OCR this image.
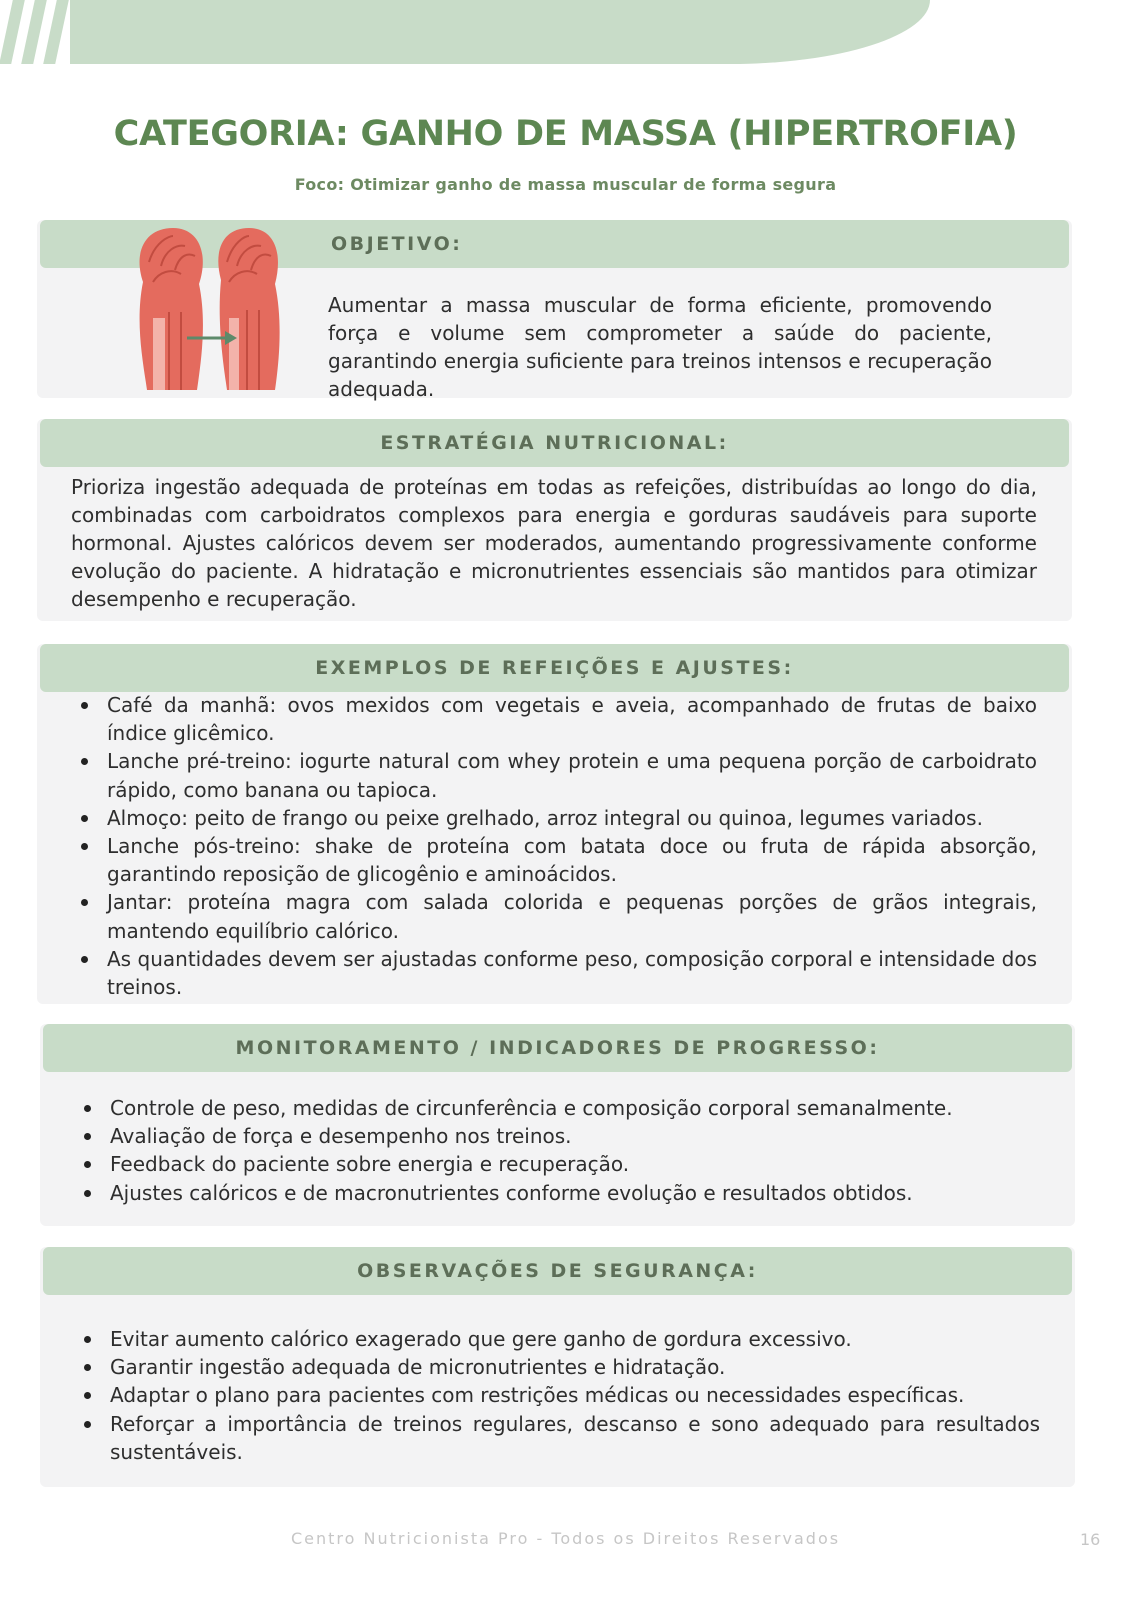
CATEGORIA: GANHO DE MASSA (HIPERTROFIA)
Foco: Otimizar ganho de massa muscular de forma segura
OBJETIVO:

Aumentar a massa muscular de forma eficiente, promovendo força e volume sem comprometer a saúde do paciente, garantindo energia suficiente para treinos intensos e recuperação adequada.

ESTRATÉGIA NUTRICIONAL:

Prioriza ingestão adequada de proteínas em todas as refeições, distribuídas ao longo do dia, combinadas com carboidratos complexos para energia e gorduras saudáveis para suporte hormonal. Ajustes calóricos devem ser moderados, aumentando progressivamente conforme evolução do paciente. A hidratação e micronutrientes essenciais são mantidos para otimizar desempenho e recuperação.

EXEMPLOS DE REFEIÇÕES E AJUSTES:
Café da manhã: ovos mexidos com vegetais e aveia, acompanhado de frutas de baixo índice glicêmico.
Lanche pré-treino: iogurte natural com whey protein e uma pequena porção de carboidrato rápido, como banana ou tapioca.
Almoço: peito de frango ou peixe grelhado, arroz integral ou quinoa, legumes variados.
Lanche pós-treino: shake de proteína com batata doce ou fruta de rápida absorção, garantindo reposição de glicogênio e aminoácidos.
Jantar: proteína magra com salada colorida e pequenas porções de grãos integrais, mantendo equilíbrio calórico.
As quantidades devem ser ajustadas conforme peso, composição corporal e intensidade dos treinos.
MONITORAMENTO / INDICADORES DE PROGRESSO:
Controle de peso, medidas de circunferência e composição corporal semanalmente.
Avaliação de força e desempenho nos treinos.
Feedback do paciente sobre energia e recuperação.
Ajustes calóricos e de macronutrientes conforme evolução e resultados obtidos.
OBSERVAÇÕES DE SEGURANÇA:
Evitar aumento calórico exagerado que gere ganho de gordura excessivo.
Garantir ingestão adequada de micronutrientes e hidratação.
Adaptar o plano para pacientes com restrições médicas ou necessidades específicas.
Reforçar a importância de treinos regulares, descanso e sono adequado para resultados sustentáveis.
Centro Nutricionista Pro - Todos os Direitos Reservados	16
